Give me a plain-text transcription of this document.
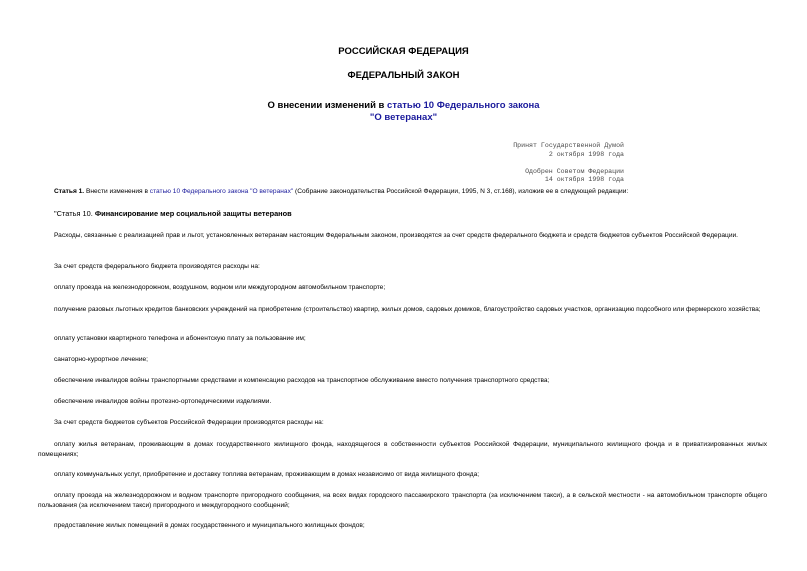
РОССИЙСКАЯ ФЕДЕРАЦИЯ
ФЕДЕРАЛЬНЫЙ ЗАКОН
О внесении изменений в статью 10 Федерального закона
"О ветеранах"
Принят Государственной Думой
2 октября 1998 года

Одобрен Советом Федерации
14 октября 1998 года
Статья 1. Внести изменения в статью 10 Федерального закона "О ветеранах" (Собрание законодательства Российской Федерации, 1995, N 3, ст.168), изложив ее в следующей редакции:
"Статья 10. Финансирование мер социальной защиты ветеранов
Расходы, связанные с реализацией прав и льгот, установленных ветеранам настоящим Федеральным законом, производятся за счет средств федерального бюджета и средств бюджетов субъектов Российской Федерации.
За счет средств федерального бюджета производятся расходы на:
оплату проезда на железнодорожном, воздушном, водном или междугородном автомобильном транспорте;
получение разовых льготных кредитов банковских учреждений на приобретение (строительство) квартир, жилых домов, садовых домиков, благоустройство садовых участков, организацию подсобного или фермерского хозяйства;
оплату установки квартирного телефона и абонентскую плату за пользование им;
санаторно-курортное лечение;
обеспечение инвалидов войны транспортными средствами и компенсацию расходов на транспортное обслуживание вместо получения транспортного средства;
обеспечение инвалидов войны протезно-ортопедическими изделиями.
За счет средств бюджетов субъектов Российской Федерации производятся расходы на:
оплату жилья ветеранам, проживающим в домах государственного жилищного фонда, находящегося в собственности субъектов Российской Федерации, муниципального жилищного фонда и в приватизированных жилых помещениях;
оплату коммунальных услуг, приобретение и доставку топлива ветеранам, проживающим в домах независимо от вида жилищного фонда;
оплату проезда на железнодорожном и водном транспорте пригородного сообщения, на всех видах городского пассажирского транспорта (за исключением такси), а в сельской местности - на автомобильном транспорте общего пользования (за исключением такси) пригородного и междугородного сообщений;
предоставление жилых помещений в домах государственного и муниципального жилищных фондов;
